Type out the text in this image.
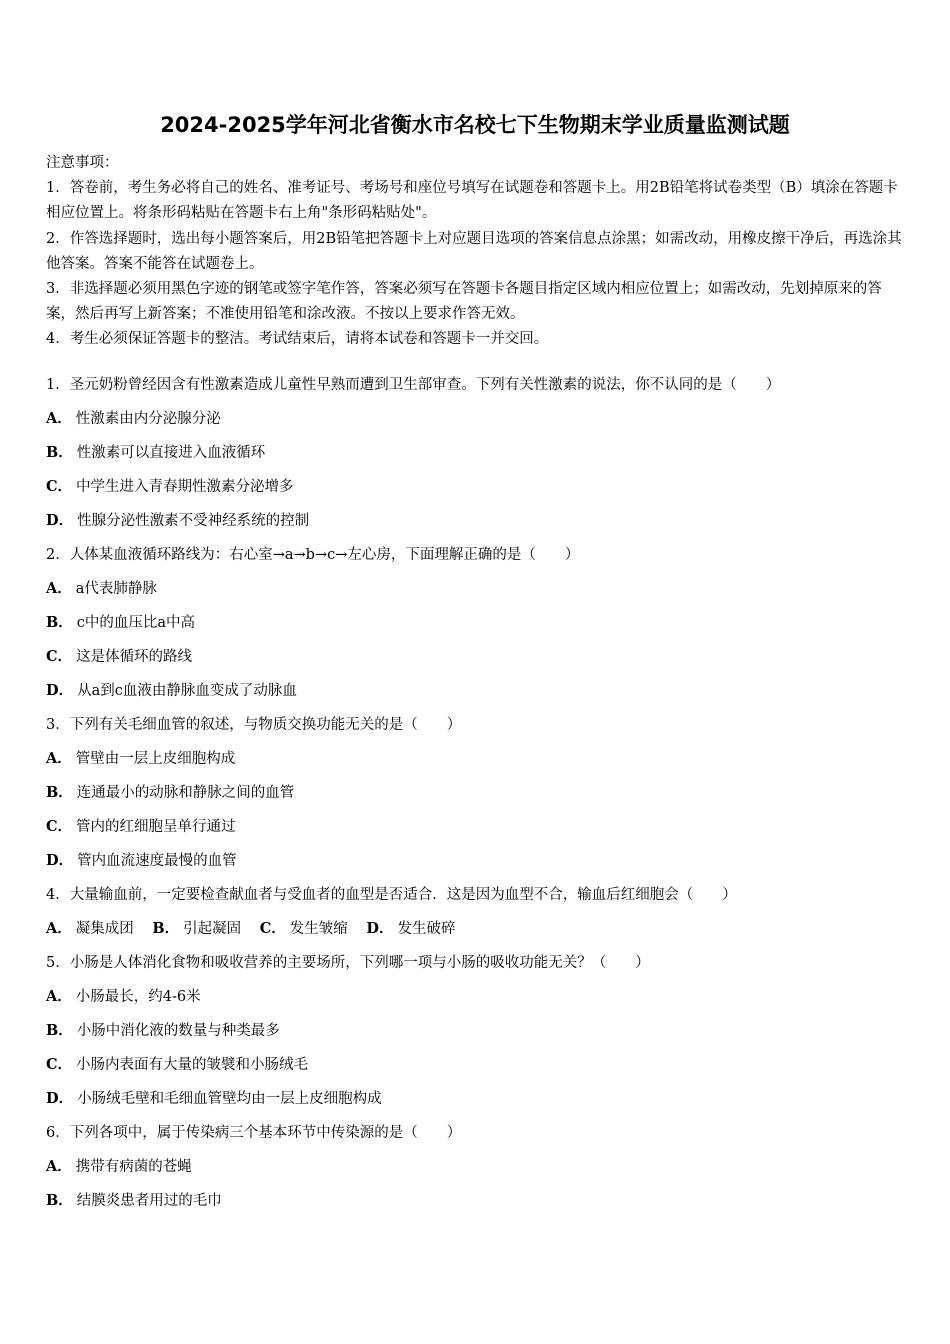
2024-2025学年河北省衡水市名校七下生物期末学业质量监测试题

注意事项：

1．答卷前，考生务必将自己的姓名、准考证号、考场号和座位号填写在试题卷和答题卡上。用2B铅笔将试卷类型（B）填涂在答题卡相应位置上。将条形码粘贴在答题卡右上角"条形码粘贴处"。

2．作答选择题时，选出每小题答案后，用2B铅笔把答题卡上对应题目选项的答案信息点涂黑；如需改动，用橡皮擦干净后，再选涂其他答案。答案不能答在试题卷上。

3．非选择题必须用黑色字迹的钢笔或签字笔作答，答案必须写在答题卡各题目指定区域内相应位置上；如需改动，先划掉原来的答案，然后再写上新答案；不准使用铅笔和涂改液。不按以上要求作答无效。

4．考生必须保证答题卡的整洁。考试结束后，请将本试卷和答题卡一并交回。

1．圣元奶粉曾经因含有性激素造成儿童性早熟而遭到卫生部审查。下列有关性激素的说法，你不认同的是（　　）
A． 性激素由内分泌腺分泌
B． 性激素可以直接进入血液循环
C． 中学生进入青春期性激素分泌增多
D． 性腺分泌性激素不受神经系统的控制
2．人体某血液循环路线为：右心室→a→b→c→左心房，下面理解正确的是（　　）
A． a代表肺静脉
B． c中的血压比a中高
C． 这是体循环的路线
D． 从a到c血液由静脉血变成了动脉血
3．下列有关毛细血管的叙述，与物质交换功能无关的是（　　）
A． 管壁由一层上皮细胞构成
B． 连通最小的动脉和静脉之间的血管
C． 管内的红细胞呈单行通过
D． 管内血流速度最慢的血管
4．大量输血前，一定要检查献血者与受血者的血型是否适合．这是因为血型不合，输血后红细胞会（　　）
A． 凝集成团 B． 引起凝固 C． 发生皱缩 D． 发生破碎
5．小肠是人体消化食物和吸收营养的主要场所，下列哪一项与小肠的吸收功能无关？（　　）
A． 小肠最长，约4-6米
B． 小肠中消化液的数量与种类最多
C． 小肠内表面有大量的皱襞和小肠绒毛
D． 小肠绒毛壁和毛细血管壁均由一层上皮细胞构成
6．下列各项中，属于传染病三个基本环节中传染源的是（　　）
A． 携带有病菌的苍蝇
B． 结膜炎患者用过的毛巾
